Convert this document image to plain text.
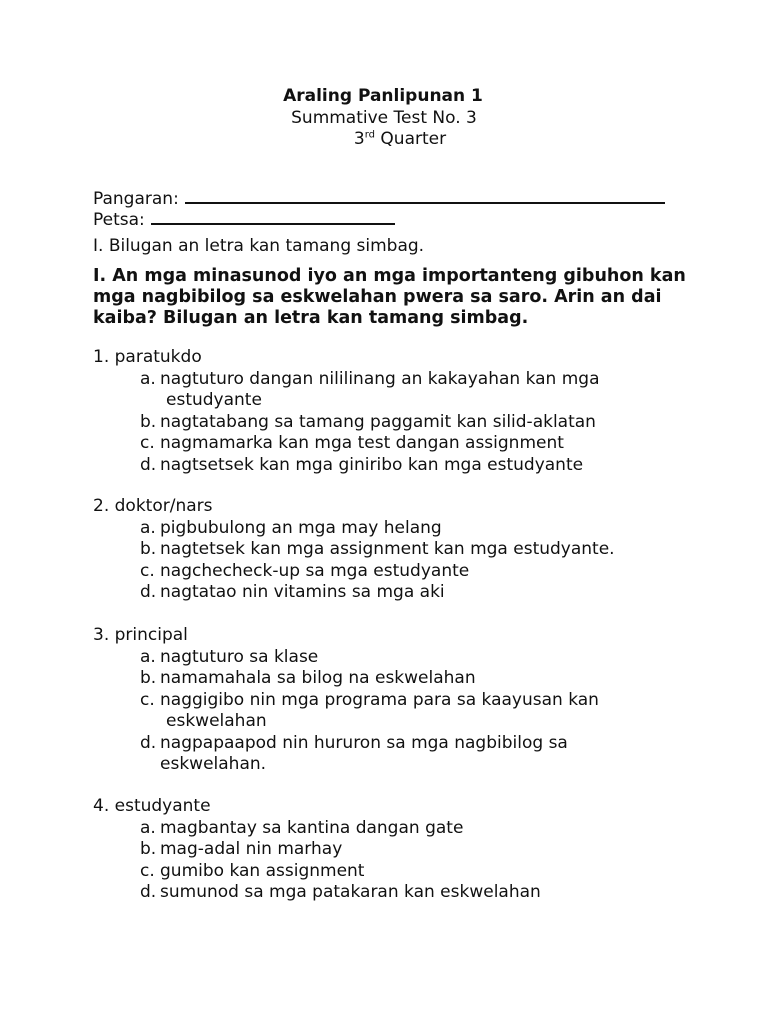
Araling Panlipunan 1
Summative Test No. 3
3rd Quarter
Pangaran:
Petsa:
I. Bilugan an letra kan tamang simbag.
I. An mga minasunod iyo an mga importanteng gibuhon kan mga nagbibilog sa eskwelahan pwera sa saro. Arin an dai kaiba? Bilugan an letra kan tamang simbag.
1. paratukdo
a. nagtuturo dangan nililinang an kakayahan kan mga
estudyante
b. nagtatabang sa tamang paggamit kan silid-aklatan
c. nagmamarka kan mga test dangan assignment
d. nagtsetsek kan mga giniribo kan mga estudyante
2. doktor/nars
a. pigbubulong an mga may helang
b. nagtetsek kan mga assignment kan mga estudyante.
c. nagchecheck-up sa mga estudyante
d. nagtatao nin vitamins sa mga aki
3. principal
a. nagtuturo sa klase
b. namamahala sa bilog na eskwelahan
c. naggigibo nin mga programa para sa kaayusan kan
eskwelahan
d. nagpapaapod nin hururon sa mga nagbibilog sa
eskwelahan.
4. estudyante
a. magbantay sa kantina dangan gate
b. mag-adal nin marhay
c. gumibo kan assignment
d. sumunod sa mga patakaran kan eskwelahan
